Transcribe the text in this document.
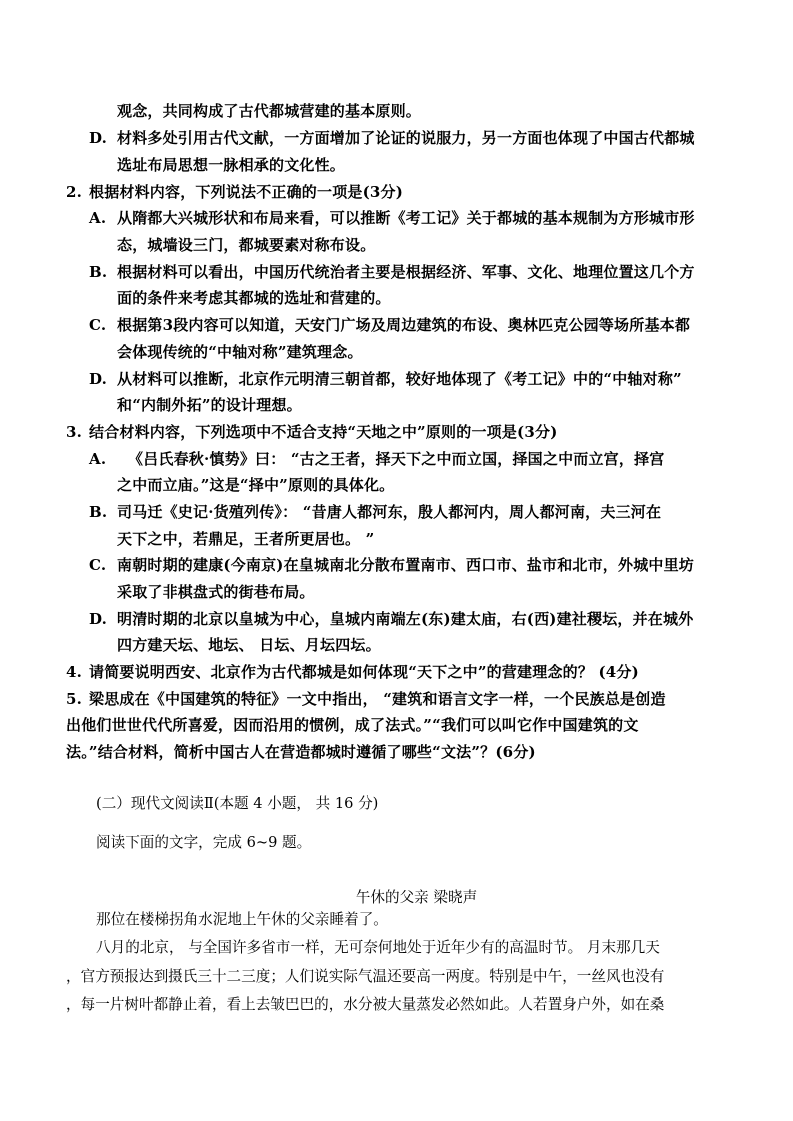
观念，共同构成了古代都城营建的基本原则。

D. 材料多处引用古代文献，一方面增加了论证的说服力，另一方面也体现了中国古代都城

选址布局思想一脉相承的文化性。

2. 根据材料内容，下列说法不正确的一项是(3分)

A. 从隋都大兴城形状和布局来看，可以推断《考工记》关于都城的基本规制为方形城市形

态，城墙设三门，都城要素对称布设。

B. 根据材料可以看出，中国历代统治者主要是根据经济、军事、文化、地理位置这几个方

面的条件来考虑其都城的选址和营建的。

C. 根据第3段内容可以知道，天安门广场及周边建筑的布设、奥林匹克公园等场所基本都

会体现传统的“中轴对称”建筑理念。

D. 从材料可以推断，北京作元明清三朝首都，较好地体现了《考工记》中的“中轴对称”

和“内制外拓”的设计理想。

3. 结合材料内容，下列选项中不适合支持“天地之中”原则的一项是(3分)

A. 《吕氏春秋·慎势》曰： “古之王者，择天下之中而立国，择国之中而立宫，择宫

之中而立庙。”这是“择中”原则的具体化。

B. 司马迁《史记·货殖列传》： “昔唐人都河东，殷人都河内，周人都河南，夫三河在

天下之中，若鼎足，王者所更居也。 ”

C. 南朝时期的建康(今南京)在皇城南北分散布置南市、西口市、盐市和北市，外城中里坊

采取了非棋盘式的街巷布局。

D. 明清时期的北京以皇城为中心，皇城内南端左(东)建太庙，右(西)建社稷坛，并在城外

四方建天坛、地坛、 日坛、月坛四坛。

4. 请简要说明西安、北京作为古代都城是如何体现“天下之中”的营建理念的？ (4分)

5. 梁思成在《中国建筑的特征》一文中指出， “建筑和语言文字一样，一个民族总是创造

出他们世世代代所喜爱，因而沿用的惯例，成了法式。”“我们可以叫它作中国建筑的文

法。”结合材料，简析中国古人在营造都城时遵循了哪些“文法”？(6分)

(二）现代文阅读Ⅱ(本题 4 小题， 共 16 分)

阅读下面的文字，完成 6~9 题。

午休的父亲 梁晓声

那位在楼梯拐角水泥地上午休的父亲睡着了。

八月的北京， 与全国许多省市一样，无可奈何地处于近年少有的高温时节。 月末那几天

，官方预报达到摄氏三十二三度；人们说实际气温还要高一两度。特别是中午，一丝风也没有

，每一片树叶都静止着，看上去皱巴巴的，水分被大量蒸发必然如此。人若置身户外，如在桑
